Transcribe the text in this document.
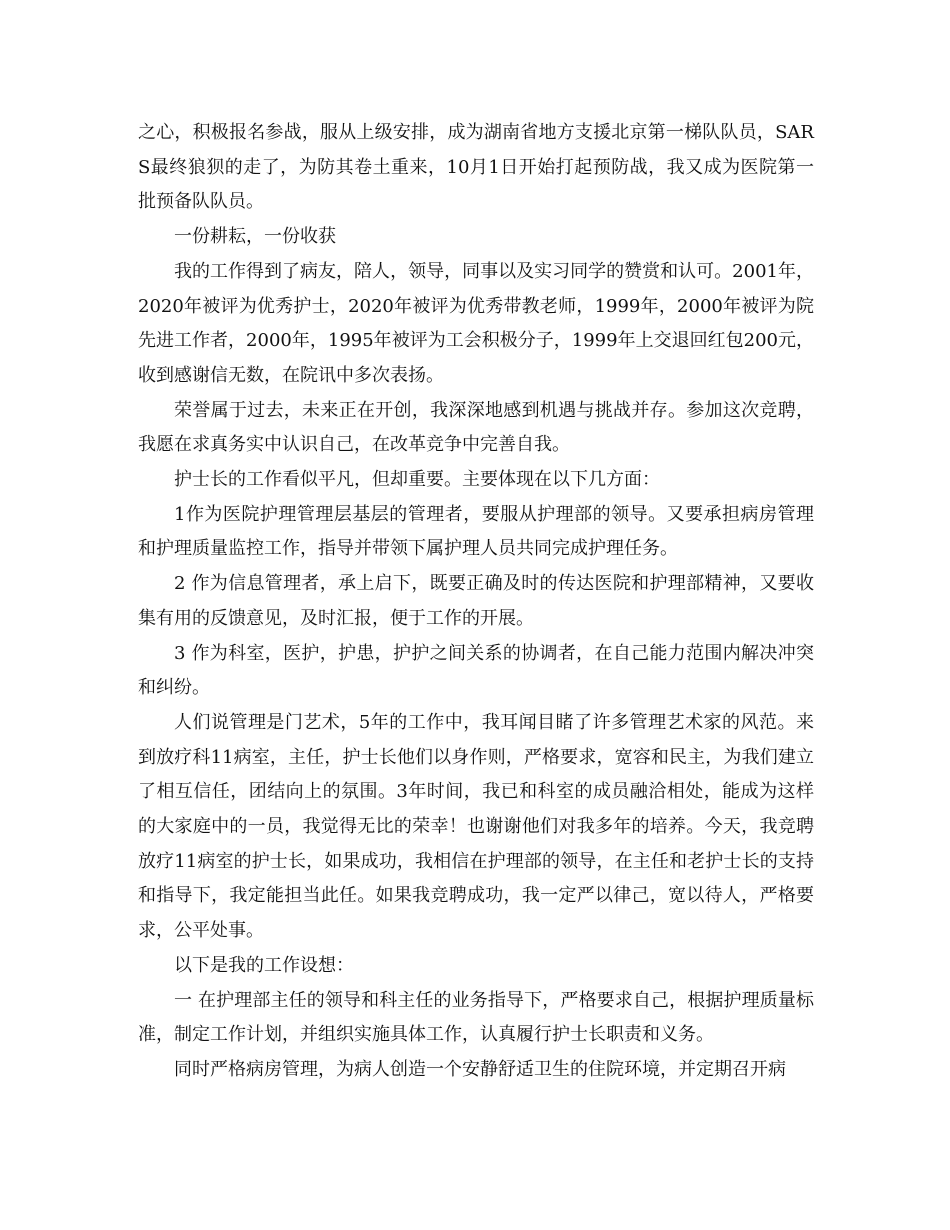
之心，积极报名参战，服从上级安排，成为湖南省地方支援北京第一梯队队员，SARS最终狼狈的走了，为防其卷土重来，10月1日开始打起预防战，我又成为医院第一批预备队队员。

一份耕耘，一份收获

我的工作得到了病友，陪人，领导，同事以及实习同学的赞赏和认可。2001年，2020年被评为优秀护士，2020年被评为优秀带教老师，1999年，2000年被评为院先进工作者，2000年，1995年被评为工会积极分子，1999年上交退回红包200元，收到感谢信无数，在院讯中多次表扬。

荣誉属于过去，未来正在开创，我深深地感到机遇与挑战并存。参加这次竞聘，我愿在求真务实中认识自己，在改革竞争中完善自我。

护士长的工作看似平凡，但却重要。主要体现在以下几方面：

1作为医院护理管理层基层的管理者，要服从护理部的领导。又要承担病房管理和护理质量监控工作，指导并带领下属护理人员共同完成护理任务。

2 作为信息管理者，承上启下，既要正确及时的传达医院和护理部精神，又要收集有用的反馈意见，及时汇报，便于工作的开展。

3 作为科室，医护，护患，护护之间关系的协调者，在自己能力范围内解决冲突和纠纷。

人们说管理是门艺术，5年的工作中，我耳闻目睹了许多管理艺术家的风范。来到放疗科11病室，主任，护士长他们以身作则，严格要求，宽容和民主，为我们建立了相互信任，团结向上的氛围。3年时间，我已和科室的成员融洽相处，能成为这样的大家庭中的一员，我觉得无比的荣幸！也谢谢他们对我多年的培养。今天，我竞聘放疗11病室的护士长，如果成功，我相信在护理部的领导，在主任和老护士长的支持和指导下，我定能担当此任。如果我竞聘成功，我一定严以律己，宽以待人，严格要求，公平处事。

以下是我的工作设想：

一 在护理部主任的领导和科主任的业务指导下，严格要求自己，根据护理质量标准，制定工作计划，并组织实施具体工作，认真履行护士长职责和义务。

同时严格病房管理，为病人创造一个安静舒适卫生的住院环境，并定期召开病
